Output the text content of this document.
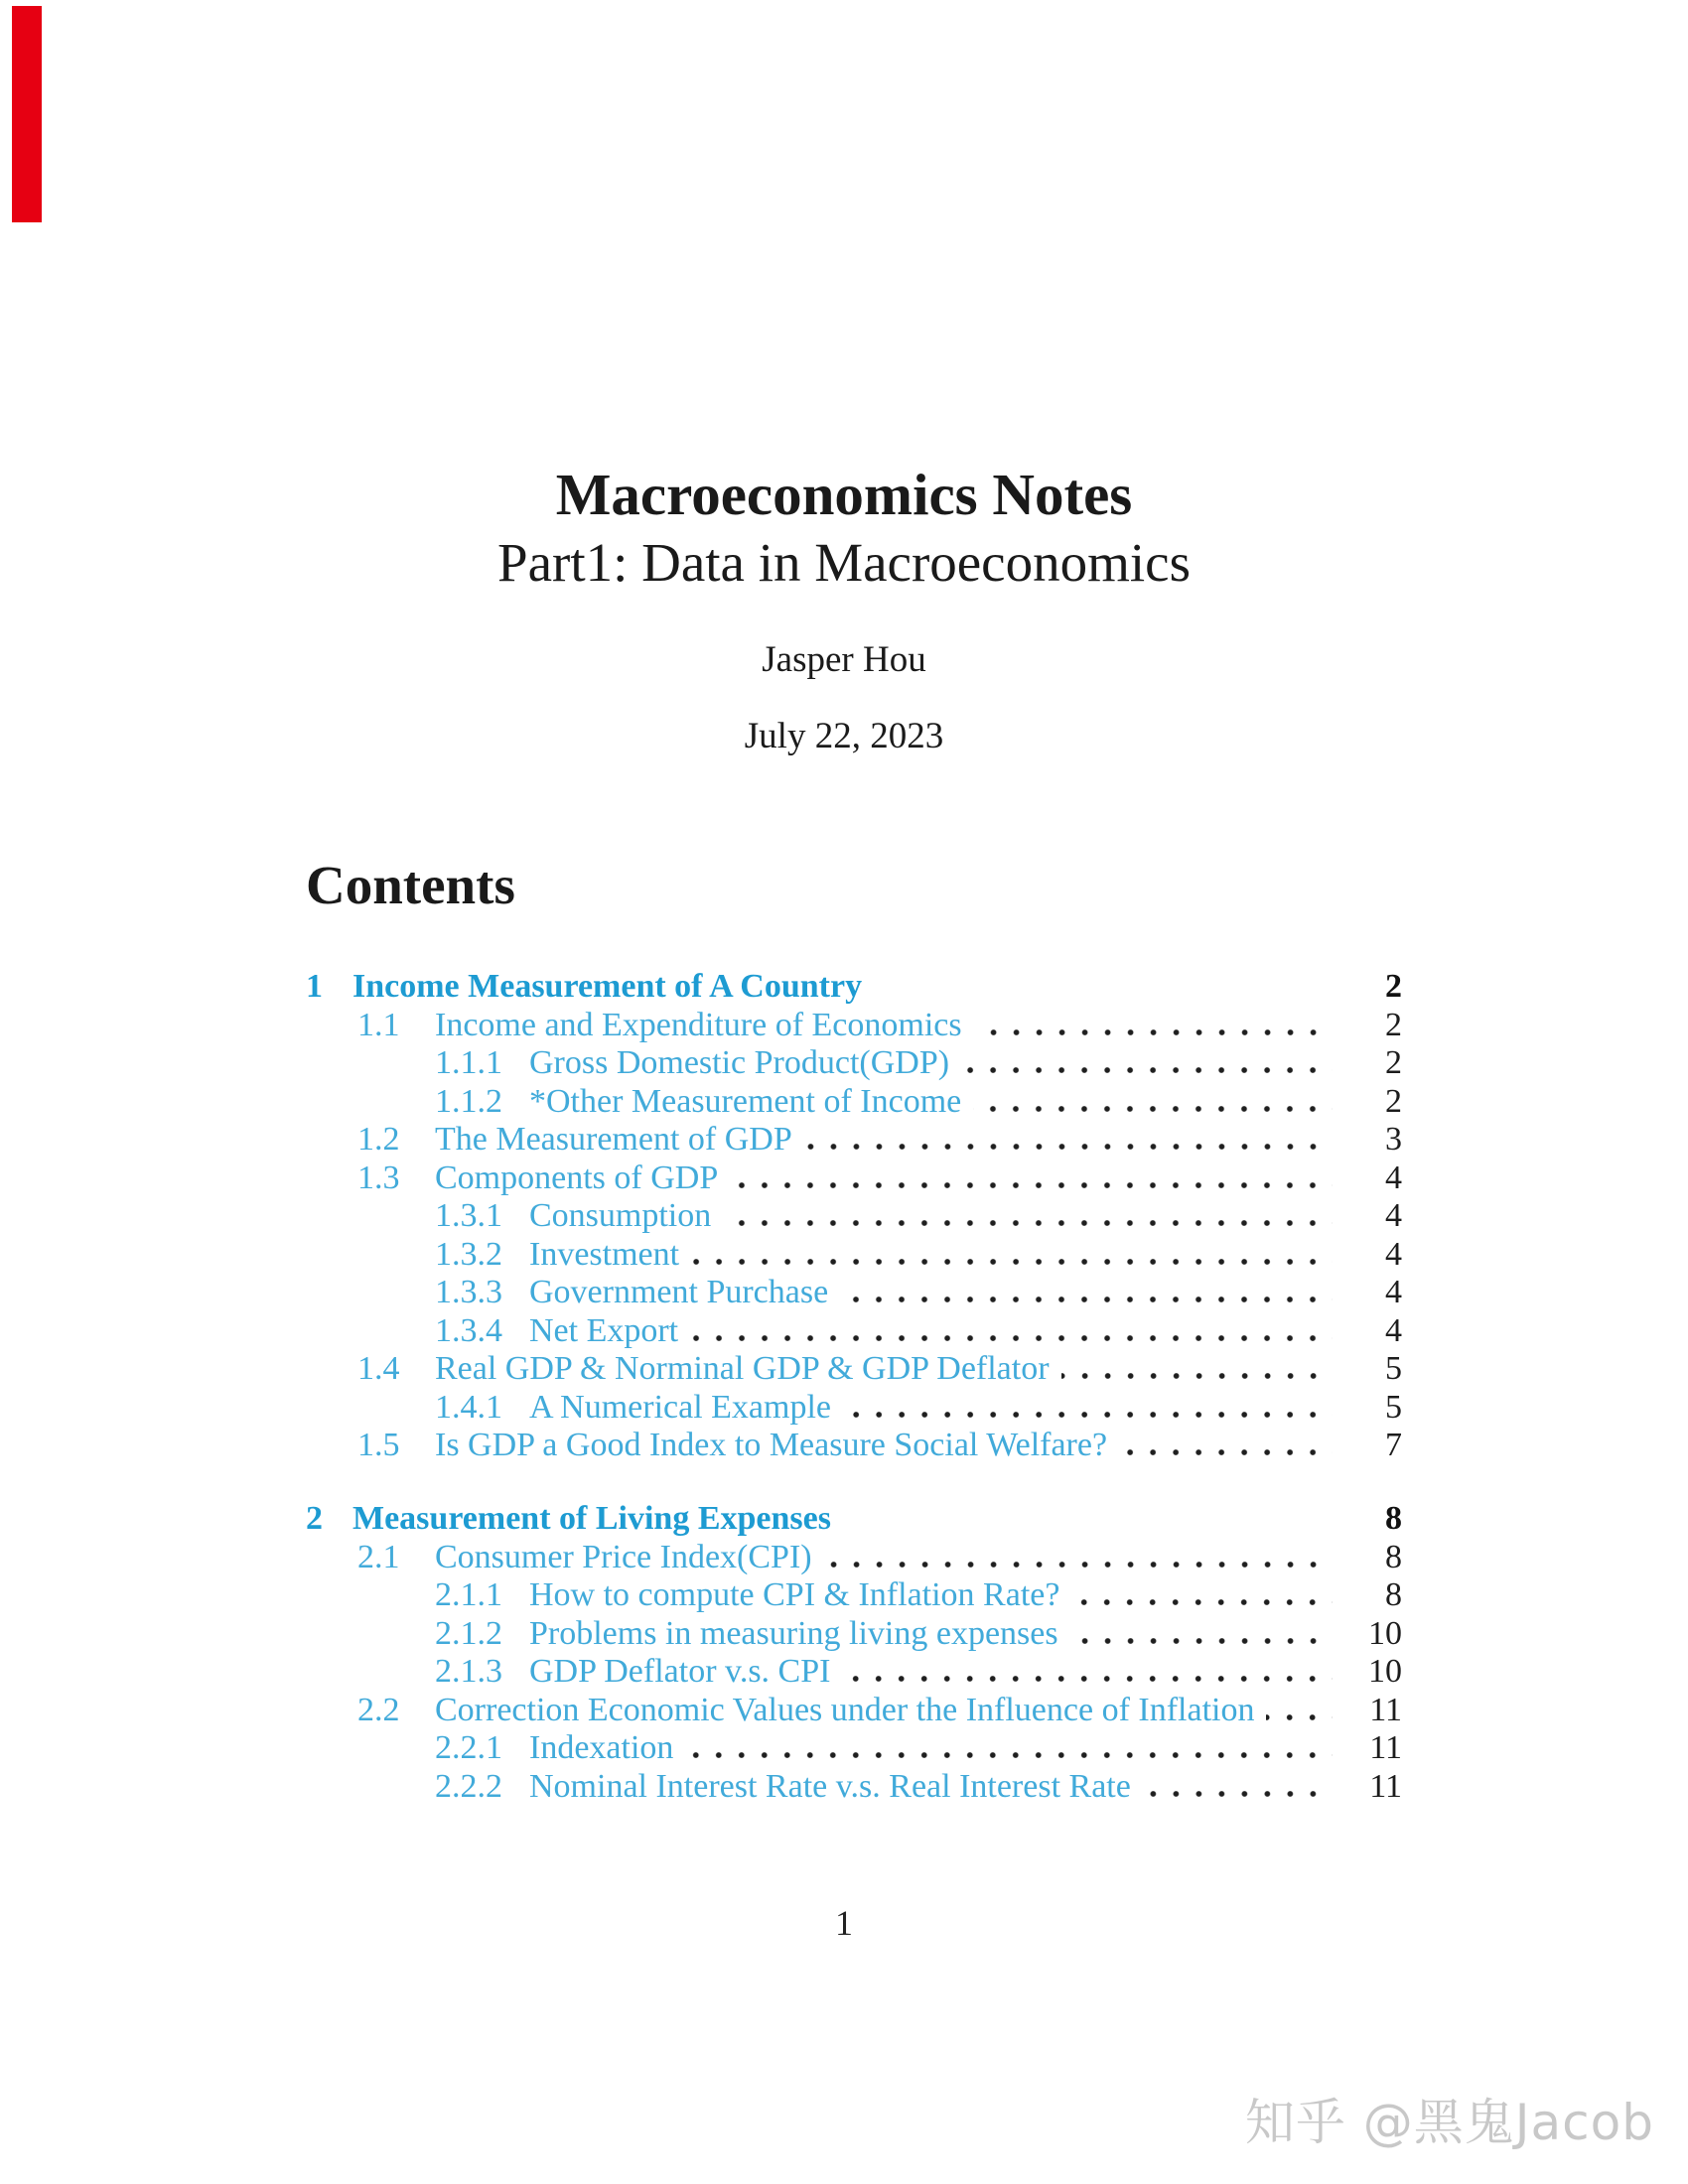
Macroeconomics Notes
Part1: Data in Macroeconomics
Jasper Hou
July 22, 2023
Contents
1 Income Measurement of A Country	2
1.1	Income and Expenditure of Economics	2
1.1.1 Gross Domestic Product(GDP)	2
1.1.2 *Other Measurement of Income	2
1.2	The Measurement of GDP	3
1.3	Components of GDP	4
1.3.1 Consumption	4
1.3.2 Investment	4
1.3.3 Government Purchase	4
1.3.4 Net Export	4
1.4	Real GDP & Norminal GDP & GDP Deflator	5
1.4.1 A Numerical Example	5
1.5	Is GDP a Good Index to Measure Social Welfare?	7
2 Measurement of Living Expenses	8
2.1	Consumer Price Index(CPI)	8
2.1.1 How to compute CPI & Inflation Rate?	8
2.1.2 Problems in measuring living expenses	10
2.1.3 GDP Deflator v.s. CPI	10
2.2	Correction Economic Values under the Influence of Inflation	11
2.2.1 Indexation	11
2.2.2 Nominal Interest Rate v.s. Real Interest Rate	11
1
知乎 @黑鬼Jacob
